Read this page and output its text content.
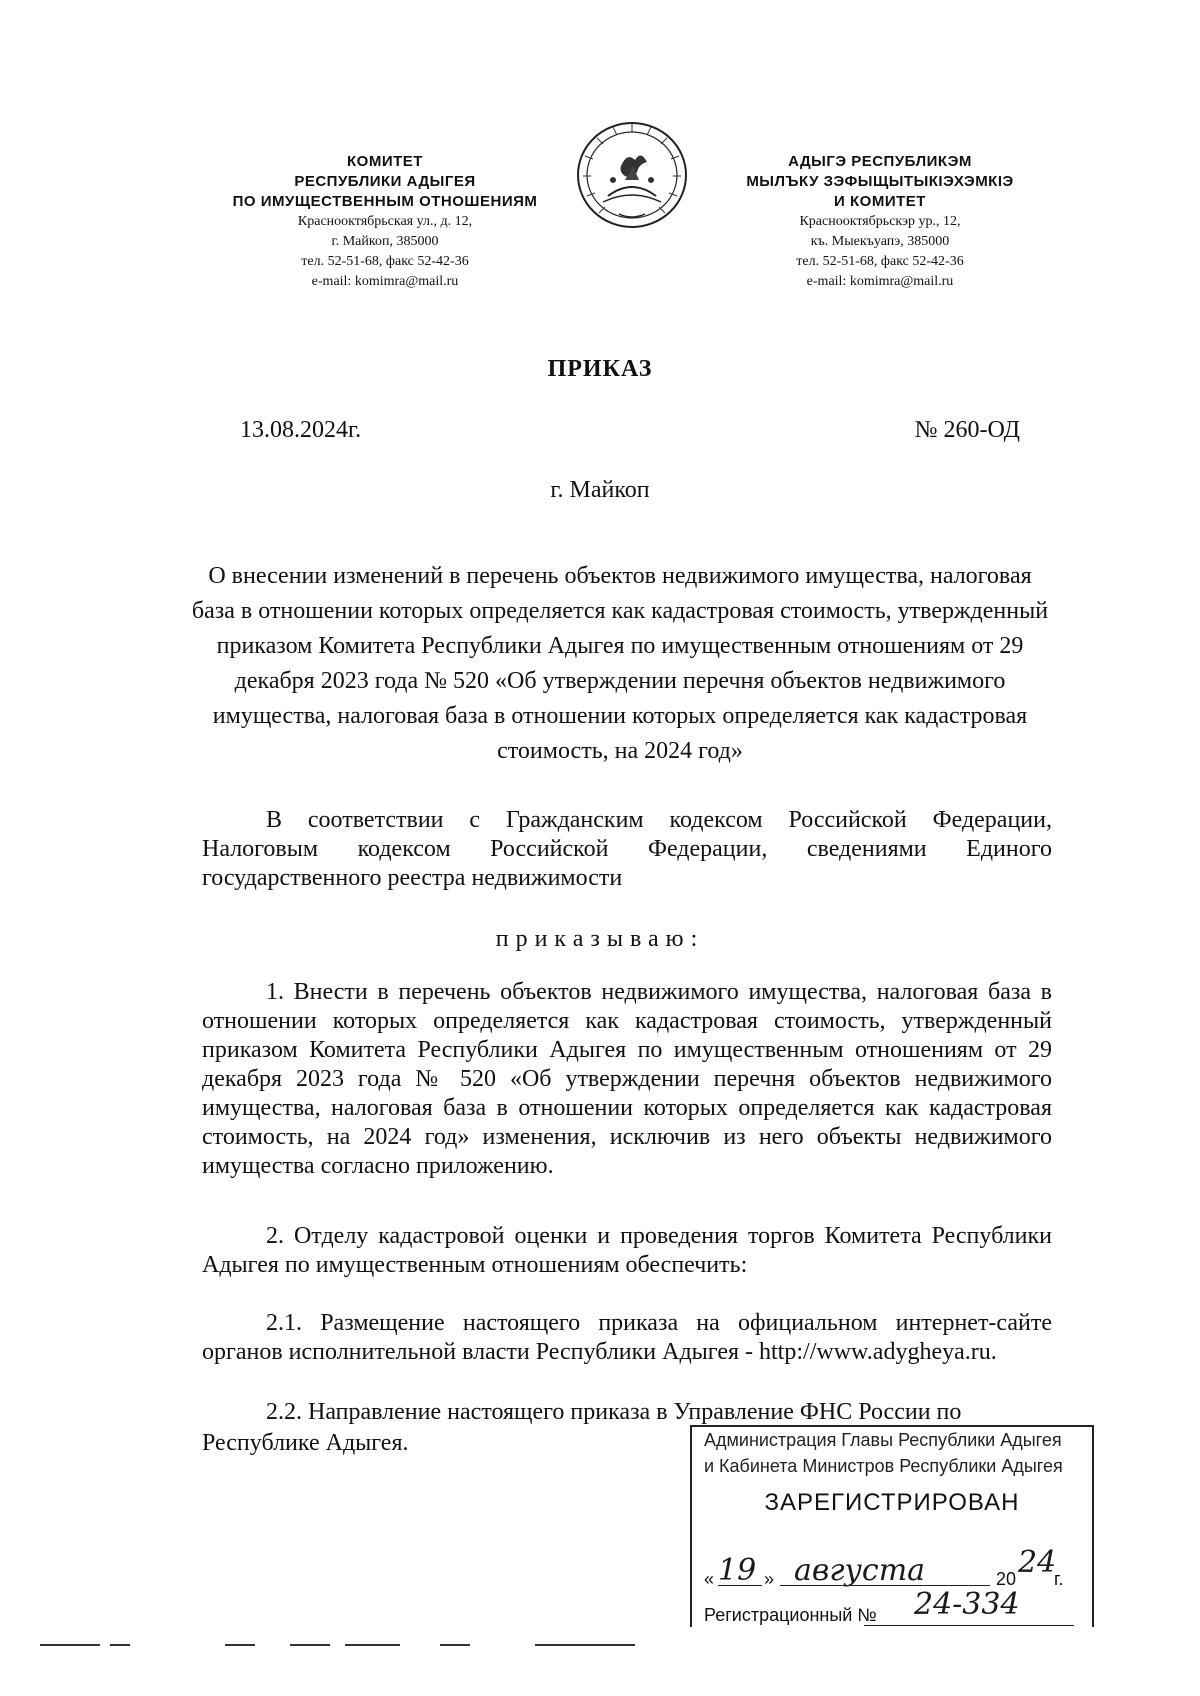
КОМИТЕТ
РЕСПУБЛИКИ АДЫГЕЯ
ПО ИМУЩЕСТВЕННЫМ ОТНОШЕНИЯМ
Краснооктябрьская ул., д. 12,
г. Майкоп, 385000
тел. 52-51-68, факс 52-42-36
e-mail: komimra@mail.ru
АДЫГЭ РЕСПУБЛИКЭМ
МЫЛЪКУ ЗЭФЫЩЫТЫКIЭХЭМКIЭ
И КОМИТЕТ
Краснооктябрьскэр ур., 12,
къ. Мыекъуапэ, 385000
тел. 52-51-68, факс 52-42-36
e-mail: komimra@mail.ru
ПРИКАЗ
13.08.2024г.	№ 260-ОД
г. Майкоп
О внесении изменений в перечень объектов недвижимого имущества, налоговая база в отношении которых определяется как кадастровая стоимость, утвержденный приказом Комитета Республики Адыгея по имущественным отношениям от 29 декабря 2023 года № 520 «Об утверждении перечня объектов недвижимого имущества, налоговая база в отношении которых определяется как кадастровая стоимость, на 2024 год»

В соответствии с Гражданским кодексом Российской Федерации, Налоговым кодексом Российской Федерации, сведениями Единого государственного реестра недвижимости

приказываю:

1. Внести в перечень объектов недвижимого имущества, налоговая база в отношении которых определяется как кадастровая стоимость, утвержденный приказом Комитета Республики Адыгея по имущественным отношениям от 29 декабря 2023 года № 520 «Об утверждении перечня объектов недвижимого имущества, налоговая база в отношении которых определяется как кадастровая стоимость, на 2024 год» изменения, исключив из него объекты недвижимого имущества согласно приложению.

2. Отделу кадастровой оценки и проведения торгов Комитета Республики Адыгея по имущественным отношениям обеспечить:

2.1. Размещение настоящего приказа на официальном интернет-сайте органов исполнительной власти Республики Адыгея - http://www.adygheya.ru.

2.2. Направление настоящего приказа в Управление ФНС России по

Республике Адыгея.	Администрация Главы Республики Адыгея
и Кабинета Министров Республики Адыгея
ЗАРЕГИСТРИРОВАН
« 19 » августа	20 24
г.
Регистрационный № 24-334
